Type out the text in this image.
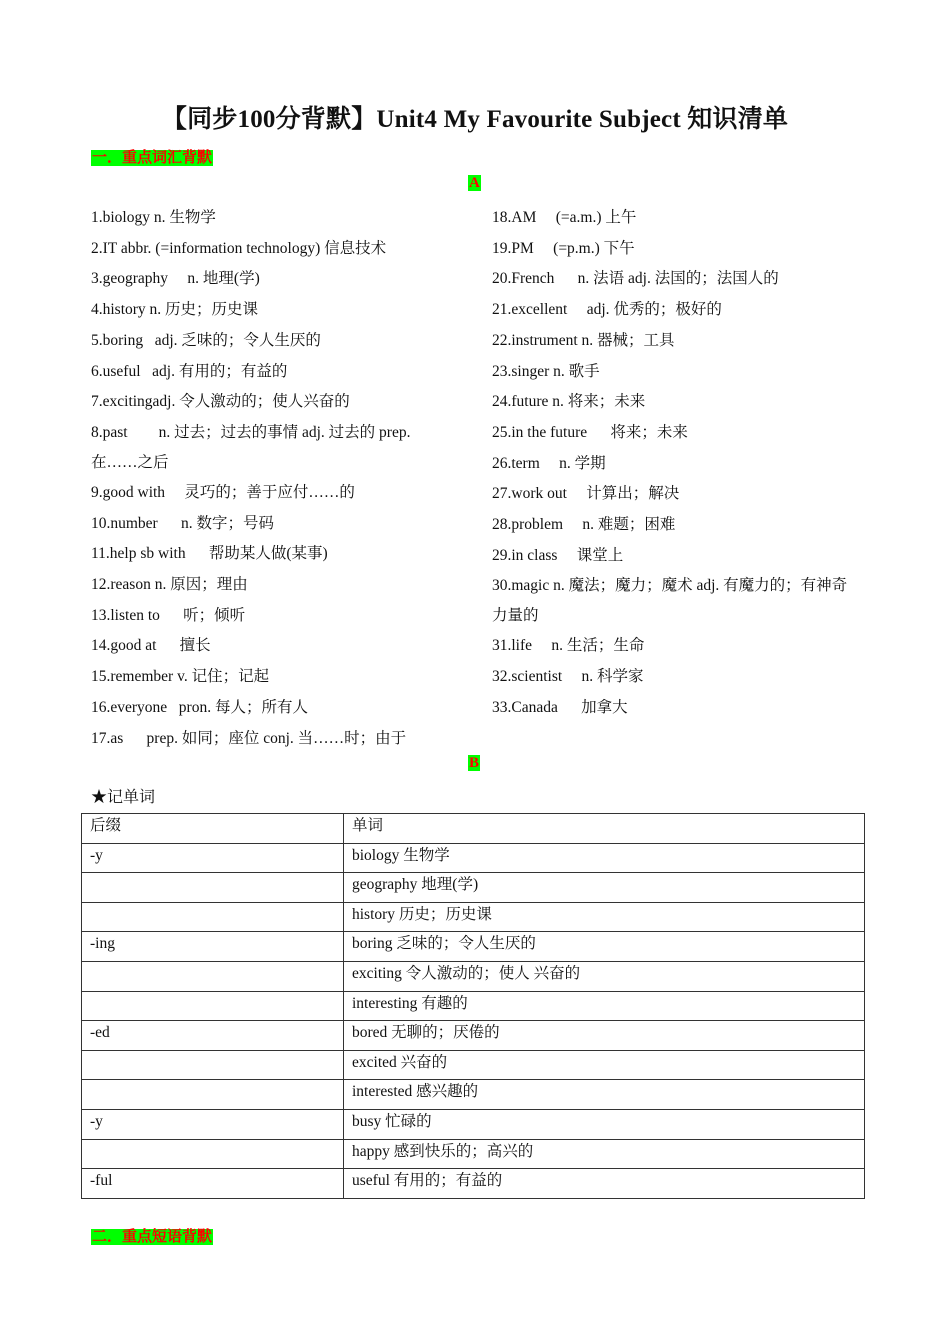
【同步100分背默】Unit4 My Favourite Subject 知识清单
一．重点词汇背默
A
1.biology n. 生物学
2.IT abbr. (=information technology) 信息技术
3.geography  n. 地理(学)
4.history n. 历史；历史课
5.boring  adj. 乏味的；令人生厌的
6.useful  adj. 有用的；有益的
7.excitingadj. 令人激动的；使人兴奋的
8.past  n. 过去；过去的事情 adj. 过去的 prep. 在……之后
9.good with  灵巧的；善于应付……的
10.number  n. 数字；号码
11.help sb with  帮助某人做(某事)
12.reason n. 原因；理由
13.listen to  听；倾听
14.good at  擅长
15.remember v. 记住；记起
16.everyone  pron. 每人；所有人
17.as  prep. 如同；座位 conj. 当……时；由于
18.AM  (=a.m.) 上午
19.PM  (=p.m.) 下午
20.French  n. 法语 adj. 法国的；法国人的
21.excellent  adj. 优秀的；极好的
22.instrument n. 器械；工具
23.singer n. 歌手
24.future n. 将来；未来
25.in the future  将来；未来
26.term  n. 学期
27.work out  计算出；解决
28.problem  n. 难题；困难
29.in class  课堂上
30.magic n. 魔法；魔力；魔术 adj. 有魔力的；有神奇力量的
31.life  n. 生活；生命
32.scientist  n. 科学家
33.Canada  加拿大
B
★记单词
后缀	单词
-y	biology 生物学
	geography 地理(学)
	history 历史；历史课
-ing	boring 乏味的；令人生厌的
	exciting 令人激动的；使人 兴奋的
	interesting 有趣的
-ed	bored 无聊的；厌倦的
	excited 兴奋的
	interested 感兴趣的
-y	busy 忙碌的
	happy 感到快乐的；高兴的
-ful	useful 有用的；有益的
二．重点短语背默
